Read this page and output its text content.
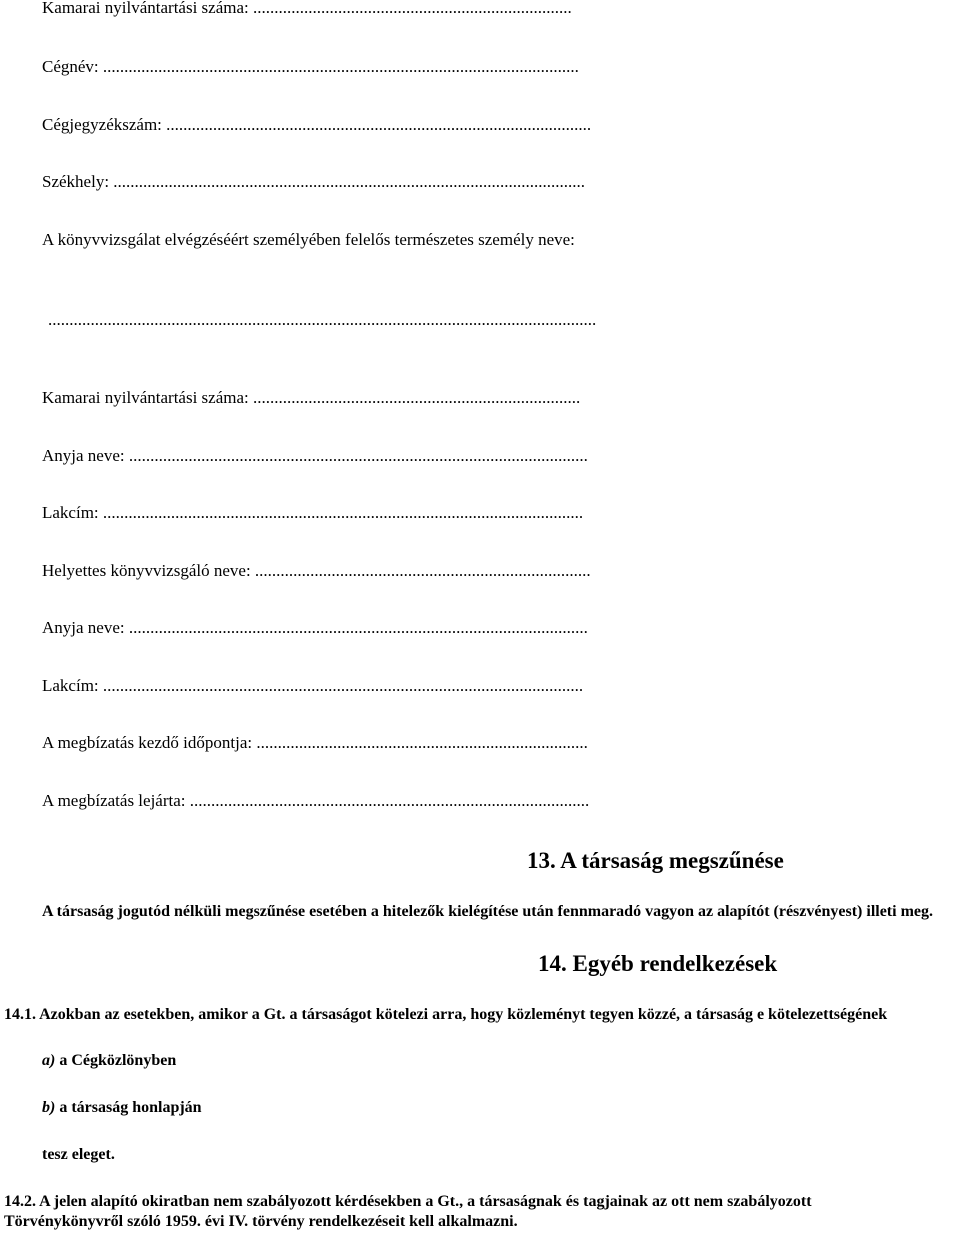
Kamarai nyilvántartási száma: ...........................................................................
Cégnév: ................................................................................................................
Cégjegyzékszám: ....................................................................................................
Székhely: ...............................................................................................................
A könyvvizsgálat elvégzéséért személyében felelős természetes személy neve:
.................................................................................................................................
Kamarai nyilvántartási száma: .............................................................................
Anyja neve: ............................................................................................................
Lakcím: .................................................................................................................
Helyettes könyvvizsgáló neve: ...............................................................................
Anyja neve: ............................................................................................................
Lakcím: .................................................................................................................
A megbízatás kezdő időpontja: ..............................................................................
A megbízatás lejárta: ..............................................................................................
13. A társaság megszűnése
A társaság jogutód nélküli megszűnése esetében a hitelezők kielégítése után fennmaradó vagyon az alapítót (részvényest) illeti meg.
14. Egyéb rendelkezések
14.1. Azokban az esetekben, amikor a Gt. a társaságot kötelezi arra, hogy közleményt tegyen közzé, a társaság e kötelezettségének
a) a Cégközlönyben
b) a társaság honlapján
tesz eleget.
14.2. A jelen alapító okiratban nem szabályozott kérdésekben a Gt., a társaságnak és tagjainak az ott nem szabályozott
Törvénykönyvről szóló 1959. évi IV. törvény rendelkezéseit kell alkalmazni.
